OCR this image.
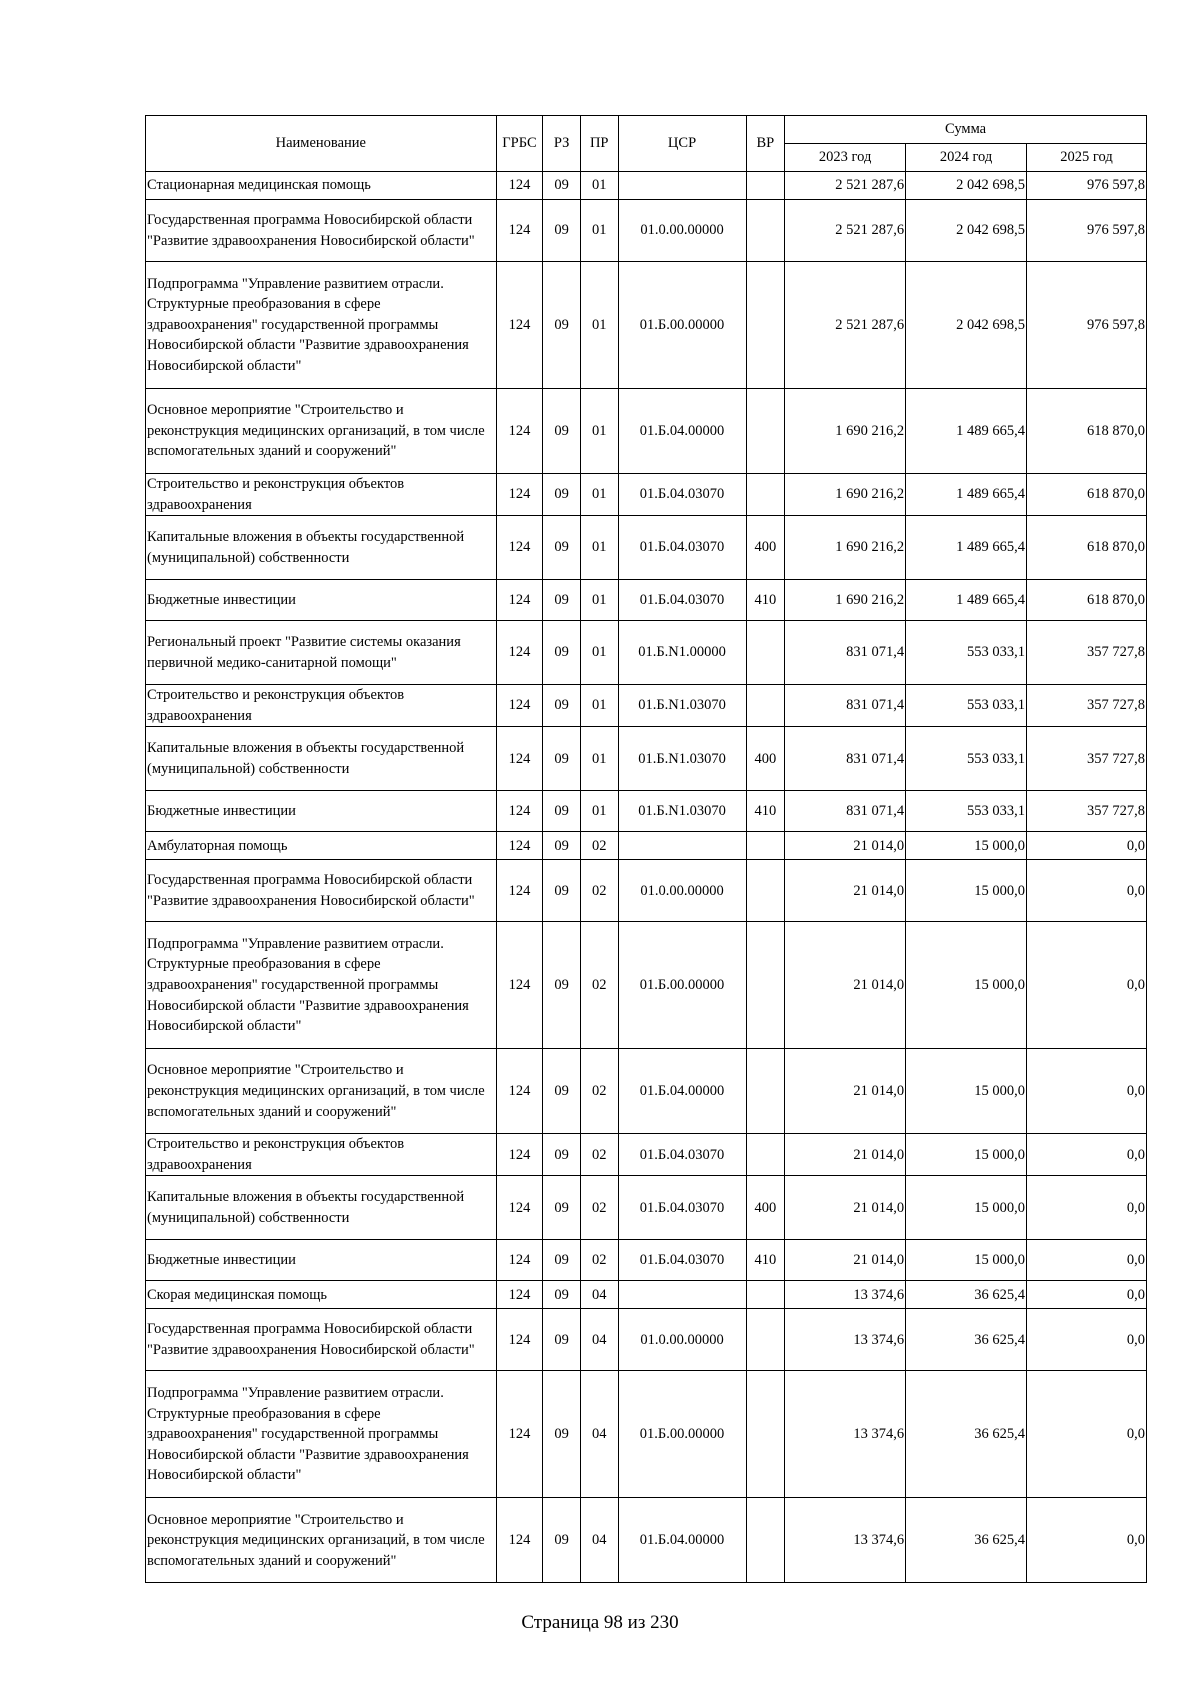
Наименование	ГРБС	РЗ	ПР	ЦСР	ВР	Сумма		
						2023 год	2024 год	2025 год
Стационарная медицинская помощь	124	09	01			2 521 287,6	2 042 698,5	976 597,8
Государственная программа Новосибирской области "Развитие здравоохранения Новосибирской области"	124	09	01	01.0.00.00000		2 521 287,6	2 042 698,5	976 597,8
Подпрограмма "Управление развитием отрасли. Структурные преобразования в сфере здравоохранения" государственной программы Новосибирской области "Развитие здравоохранения Новосибирской области"	124	09	01	01.Б.00.00000		2 521 287,6	2 042 698,5	976 597,8
Основное мероприятие "Строительство и реконструкция медицинских организаций, в том числе вспомогательных зданий и сооружений"	124	09	01	01.Б.04.00000		1 690 216,2	1 489 665,4	618 870,0
Строительство и реконструкция объектов здравоохранения	124	09	01	01.Б.04.03070		1 690 216,2	1 489 665,4	618 870,0
Капитальные вложения в объекты государственной (муниципальной) собственности	124	09	01	01.Б.04.03070	400	1 690 216,2	1 489 665,4	618 870,0
Бюджетные инвестиции	124	09	01	01.Б.04.03070	410	1 690 216,2	1 489 665,4	618 870,0
Региональный проект "Развитие системы оказания первичной медико-санитарной помощи"	124	09	01	01.Б.N1.00000		831 071,4	553 033,1	357 727,8
Строительство и реконструкция объектов здравоохранения	124	09	01	01.Б.N1.03070		831 071,4	553 033,1	357 727,8
Капитальные вложения в объекты государственной (муниципальной) собственности	124	09	01	01.Б.N1.03070	400	831 071,4	553 033,1	357 727,8
Бюджетные инвестиции	124	09	01	01.Б.N1.03070	410	831 071,4	553 033,1	357 727,8
Амбулаторная помощь	124	09	02			21 014,0	15 000,0	0,0
Государственная программа Новосибирской области "Развитие здравоохранения Новосибирской области"	124	09	02	01.0.00.00000		21 014,0	15 000,0	0,0
Подпрограмма "Управление развитием отрасли. Структурные преобразования в сфере здравоохранения" государственной программы Новосибирской области "Развитие здравоохранения Новосибирской области"	124	09	02	01.Б.00.00000		21 014,0	15 000,0	0,0
Основное мероприятие "Строительство и реконструкция медицинских организаций, в том числе вспомогательных зданий и сооружений"	124	09	02	01.Б.04.00000		21 014,0	15 000,0	0,0
Строительство и реконструкция объектов здравоохранения	124	09	02	01.Б.04.03070		21 014,0	15 000,0	0,0
Капитальные вложения в объекты государственной (муниципальной) собственности	124	09	02	01.Б.04.03070	400	21 014,0	15 000,0	0,0
Бюджетные инвестиции	124	09	02	01.Б.04.03070	410	21 014,0	15 000,0	0,0
Скорая медицинская помощь	124	09	04			13 374,6	36 625,4	0,0
Государственная программа Новосибирской области "Развитие здравоохранения Новосибирской области"	124	09	04	01.0.00.00000		13 374,6	36 625,4	0,0
Подпрограмма "Управление развитием отрасли. Структурные преобразования в сфере здравоохранения" государственной программы Новосибирской области "Развитие здравоохранения Новосибирской области"	124	09	04	01.Б.00.00000		13 374,6	36 625,4	0,0
Основное мероприятие "Строительство и реконструкция медицинских организаций, в том числе вспомогательных зданий и сооружений"	124	09	04	01.Б.04.00000		13 374,6	36 625,4	0,0
Страница 98 из 230
